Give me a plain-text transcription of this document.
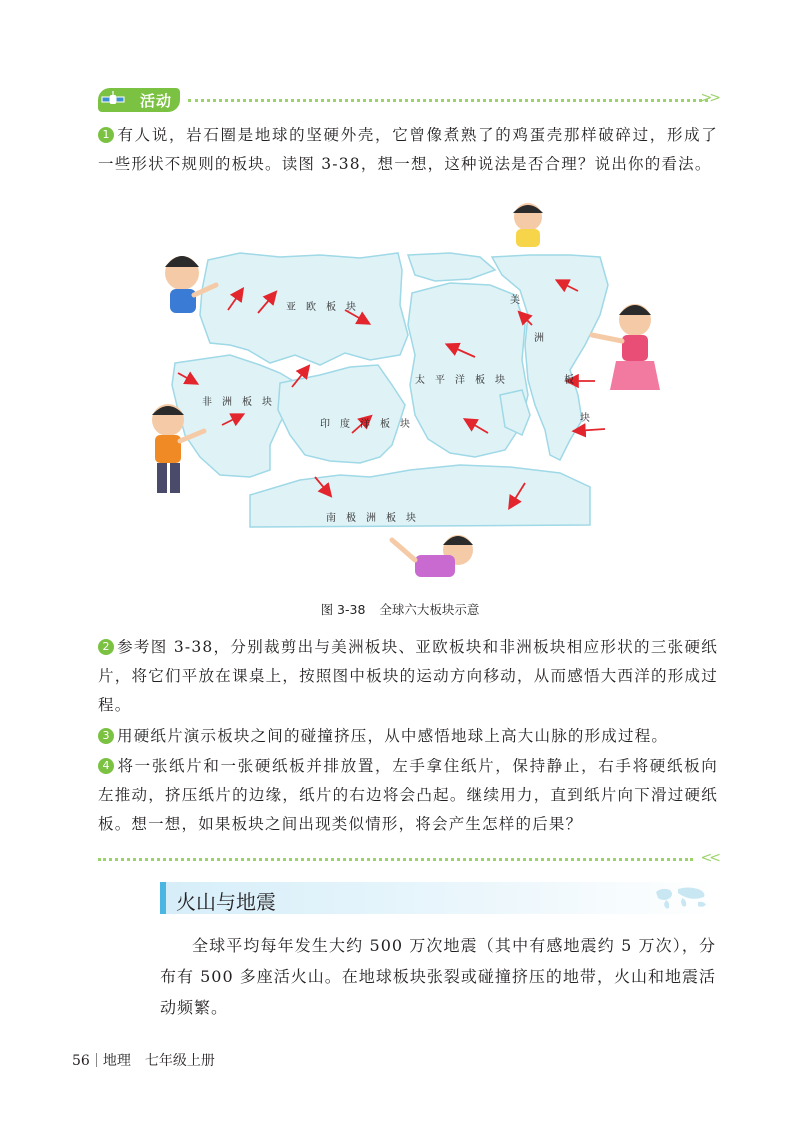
活动	>>
1 有人说，岩石圈是地球的坚硬外壳，它曾像煮熟了的鸡蛋壳那样破碎过，形成了一些形状不规则的板块。读图 3-38，想一想，这种说法是否合理？说出你的看法。
亚　欧　板　块
非　洲　板　块
印　度　洋　板　块
太　平　洋　板　块
美
洲
板
块
南　极　洲　板　块
图 3-38 全球六大板块示意
2 参考图 3-38，分别裁剪出与美洲板块、亚欧板块和非洲板块相应形状的三张硬纸片，将它们平放在课桌上，按照图中板块的运动方向移动，从而感悟大西洋的形成过程。
3 用硬纸片演示板块之间的碰撞挤压，从中感悟地球上高大山脉的形成过程。
4 将一张纸片和一张硬纸板并排放置，左手拿住纸片，保持静止，右手将硬纸板向左推动，挤压纸片的边缘，纸片的右边将会凸起。继续用力，直到纸片向下滑过硬纸板。想一想，如果板块之间出现类似情形，将会产生怎样的后果？
<<
火山与地震
全球平均每年发生大约 500 万次地震（其中有感地震约 5 万次），分布有 500 多座活火山。在地球板块张裂或碰撞挤压的地带，火山和地震活动频繁。
56 地理 七年级上册
